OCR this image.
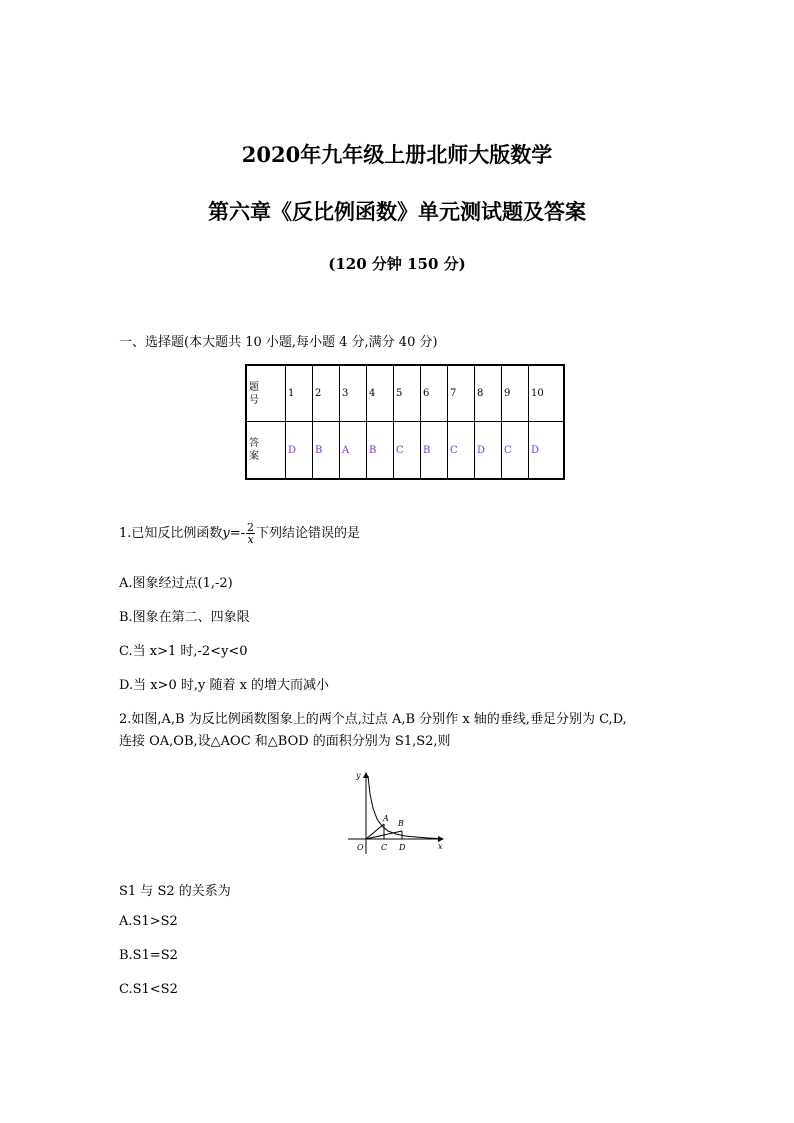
2020年九年级上册北师大版数学
第六章《反比例函数》单元测试题及答案
(120 分钟 150 分)
一、选择题(本大题共 10 小题,每小题 4 分,满分 40 分)
题号	1	2	3	4	5	6	7	8	9	10

答案	D	B	A	B	C	B	C	D	C	D
1.已知反比例函数$y=- \frac{2}{x}$ 下列结论错误的是
A.图象经过点(1,-2)
B.图象在第二、四象限
C.当 x>1 时,-2<y<0
D.当 x>0 时,y 随着 x 的增大而减小
2.如图,A,B 为反比例函数图象上的两个点,过点 A,B 分别作 x 轴的垂线,垂足分别为 C,D,
连接 OA,OB,设△AOC 和△BOD 的面积分别为 S1,S2,则
y
x
O
A
B
C D
S1 与 S2 的关系为
A.S1>S2
B.S1=S2
C.S1<S2
